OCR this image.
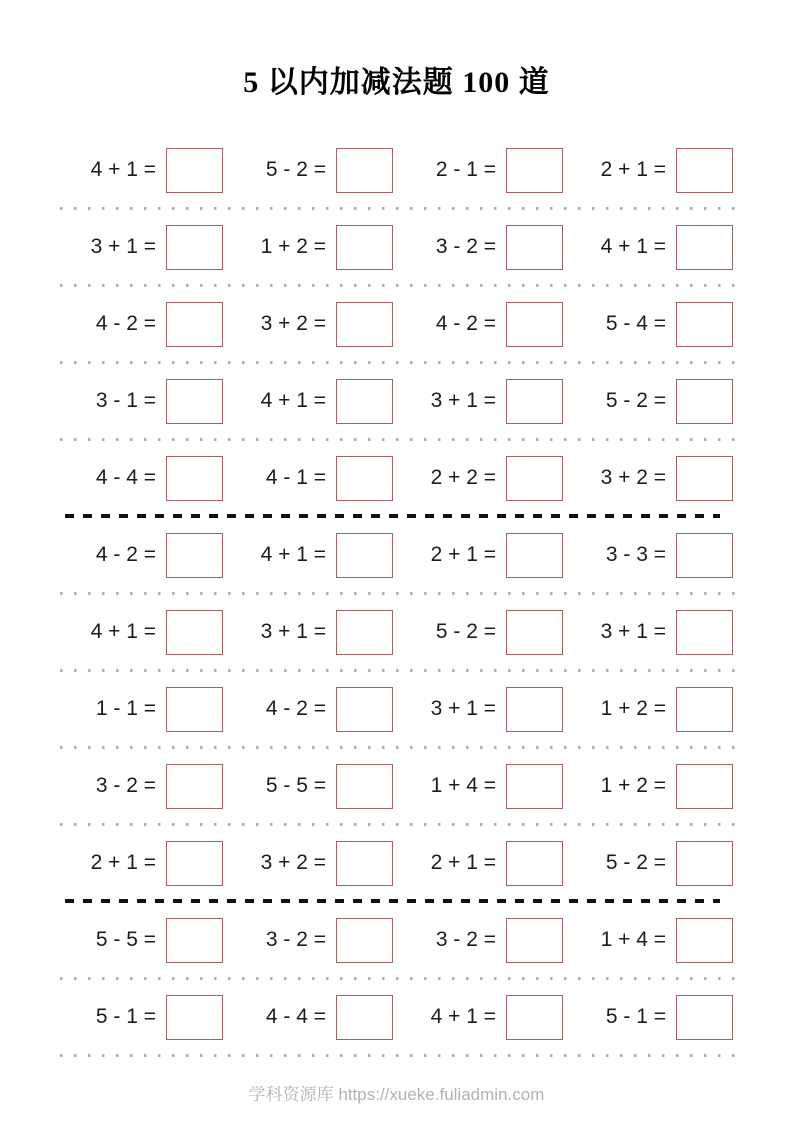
5 以内加减法题 100 道
4 + 1 =	5 - 2 =	2 - 1 =	2 + 1 =
3 + 1 =	1 + 2 =	3 - 2 =	4 + 1 =
4 - 2 =	3 + 2 =	4 - 2 =	5 - 4 =
3 - 1 =	4 + 1 =	3 + 1 =	5 - 2 =
4 - 4 =	4 - 1 =	2 + 2 =	3 + 2 =
4 - 2 =	4 + 1 =	2 + 1 =	3 - 3 =
4 + 1 =	3 + 1 =	5 - 2 =	3 + 1 =
1 - 1 =	4 - 2 =	3 + 1 =	1 + 2 =
3 - 2 =	5 - 5 =	1 + 4 =	1 + 2 =
2 + 1 =	3 + 2 =	2 + 1 =	5 - 2 =
5 - 5 =	3 - 2 =	3 - 2 =	1 + 4 =
5 - 1 =	4 - 4 =	4 + 1 =	5 - 1 =
学科资源库 https://xueke.fuliadmin.com
